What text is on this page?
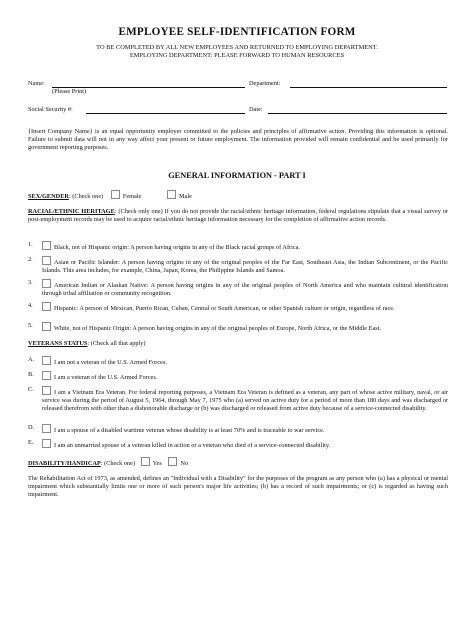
EMPLOYEE SELF-IDENTIFICATION FORM
TO BE COMPLETED BY ALL NEW EMPLOYEES AND RETURNED TO EMPLOYING DEPARTMENT.
EMPLOYING DEPARTMENT: PLEASE FORWARD TO HUMAN RESOURCES
Name:
(Please Print)
Department:
Social Security #:	Date:
{Insert Company Name} is an equal opportunity employer committed to the policies and principles of affirmative action. Providing this information is optional. Failure to submit data will not in any way affect your present or future employment. The information provided will remain confidential and be used primarily for government reporting purposes.
GENERAL INFORMATION - PART I
SEX/GENDER: (Check one)	Female	Male
RACIAL/ETHNIC HERITAGE: (Check only one) If you do not provide the racial/ethnic heritage information, federal regulations stipulate that a visual survey or post-employment records may be used to acquire racial/ethnic heritage information necessary for the completion of affirmative action records.
1.	Black, not of Hispanic origin: A person having origins in any of the Black racial groups of Africa.
2.	Asian or Pacific Islander: A person having origins in any of the original peoples of the Far East, Southeast Asia, the Indian Subcontinent, or the Pacific Islands. This area includes, for example, China, Japan, Korea, the Philippine Islands and Samoa.
3.	American Indian or Alaskan Native: A person having origins in any of the original peoples of North America and who maintain cultural identification through tribal affiliation or community recognition.
4.	Hispanic: A person of Mexican, Puerto Rican, Cuban, Central or South American, or other Spanish culture or origin, regardless of race.
5.	White, not of Hispanic Origin: A person having origins in any of the original peoples of Europe, North Africa, or the Middle East.
VETERANS STATUS: (Check all that apply)
A.	I am not a veteran of the U.S. Armed Forces.
B.	I am a veteran of the U.S. Armed Forces.
C.	I am a Vietnam Era Veteran. For federal reporting purposes, a Vietnam Era Veteran is defined as a veteran, any part of whose active military, naval, or air service was during the period of August 5, 1964, through May 7, 1975 who (a) served on active duty for a period of more than 180 days and was discharged or released therefrom with other than a dishonorable discharge or (b) was discharged or released from active duty because of a service-connected disability.
D.	I am a spouse of a disabled wartime veteran whose disability is at least 70% and is traceable to war service.
E.	I am an unmarried spouse of a veteran killed in action or a veteran who died of a service-connected disability.
DISABILITY/HANDICAP: (Check one)	Yes	No
The Rehabilitation Act of 1973, as amended, defines an "Individual with a Disability" for the purposes of the program as any person who (a) has a physical or mental impairment which substantially limits one or more of such person's major life activities; (b) has a record of such impairments; or (c) is regarded as having such impairment.
